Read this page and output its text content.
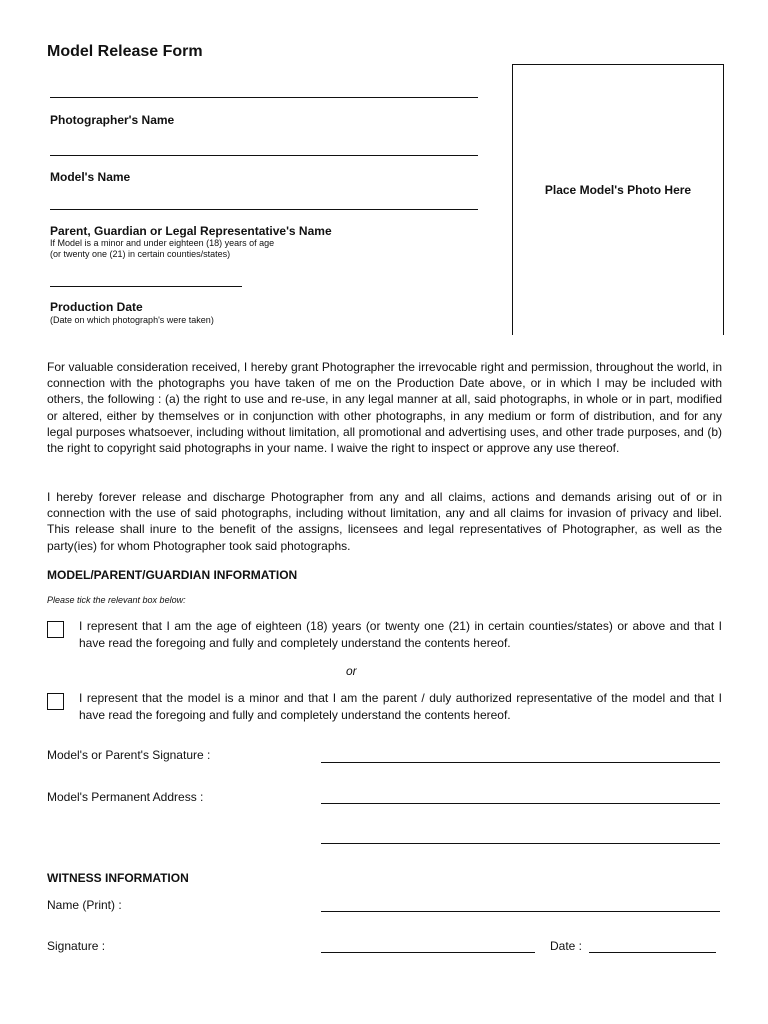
Model Release Form
Photographer's Name
Model's Name
Parent, Guardian or Legal Representative's Name
If Model is a minor and under eighteen (18) years of age
(or twenty one (21) in certain counties/states)
Production Date
(Date on which photograph's were taken)
Place Model's Photo Here

For valuable consideration received, I hereby grant Photographer the irrevocable right and permission, throughout the world, in connection with the photographs you have taken of me on the Production Date above, or in which I may be included with others, the following : (a) the right to use and re-use, in any legal manner at all, said photographs, in whole or in part, modified or altered, either by themselves or in conjunction with other photographs, in any medium or form of distribution, and for any legal purposes whatsoever, including without limitation, all promotional and advertising uses, and other trade purposes, and (b) the right to copyright said photographs in your name. I waive the right to inspect or approve any use thereof.

I hereby forever release and discharge Photographer from any and all claims, actions and demands arising out of or in connection with the use of said photographs, including without limitation, any and all claims for invasion of privacy and libel. This release shall inure to the benefit of the assigns, licensees and legal representatives of Photographer, as well as the party(ies) for whom Photographer took said photographs.

MODEL/PARENT/GUARDIAN INFORMATION
Please tick the relevant box below:

I represent that I am the age of eighteen (18) years (or twenty one (21) in certain counties/states) or above and that I have read the foregoing and fully and completely understand the contents hereof.

or

I represent that the model is a minor and that I am the parent / duly authorized representative of the model and that I have read the foregoing and fully and completely understand the contents hereof.

Model's or Parent's Signature :
Model's Permanent Address :
WITNESS INFORMATION
Name (Print) :
Signature :	Date :
